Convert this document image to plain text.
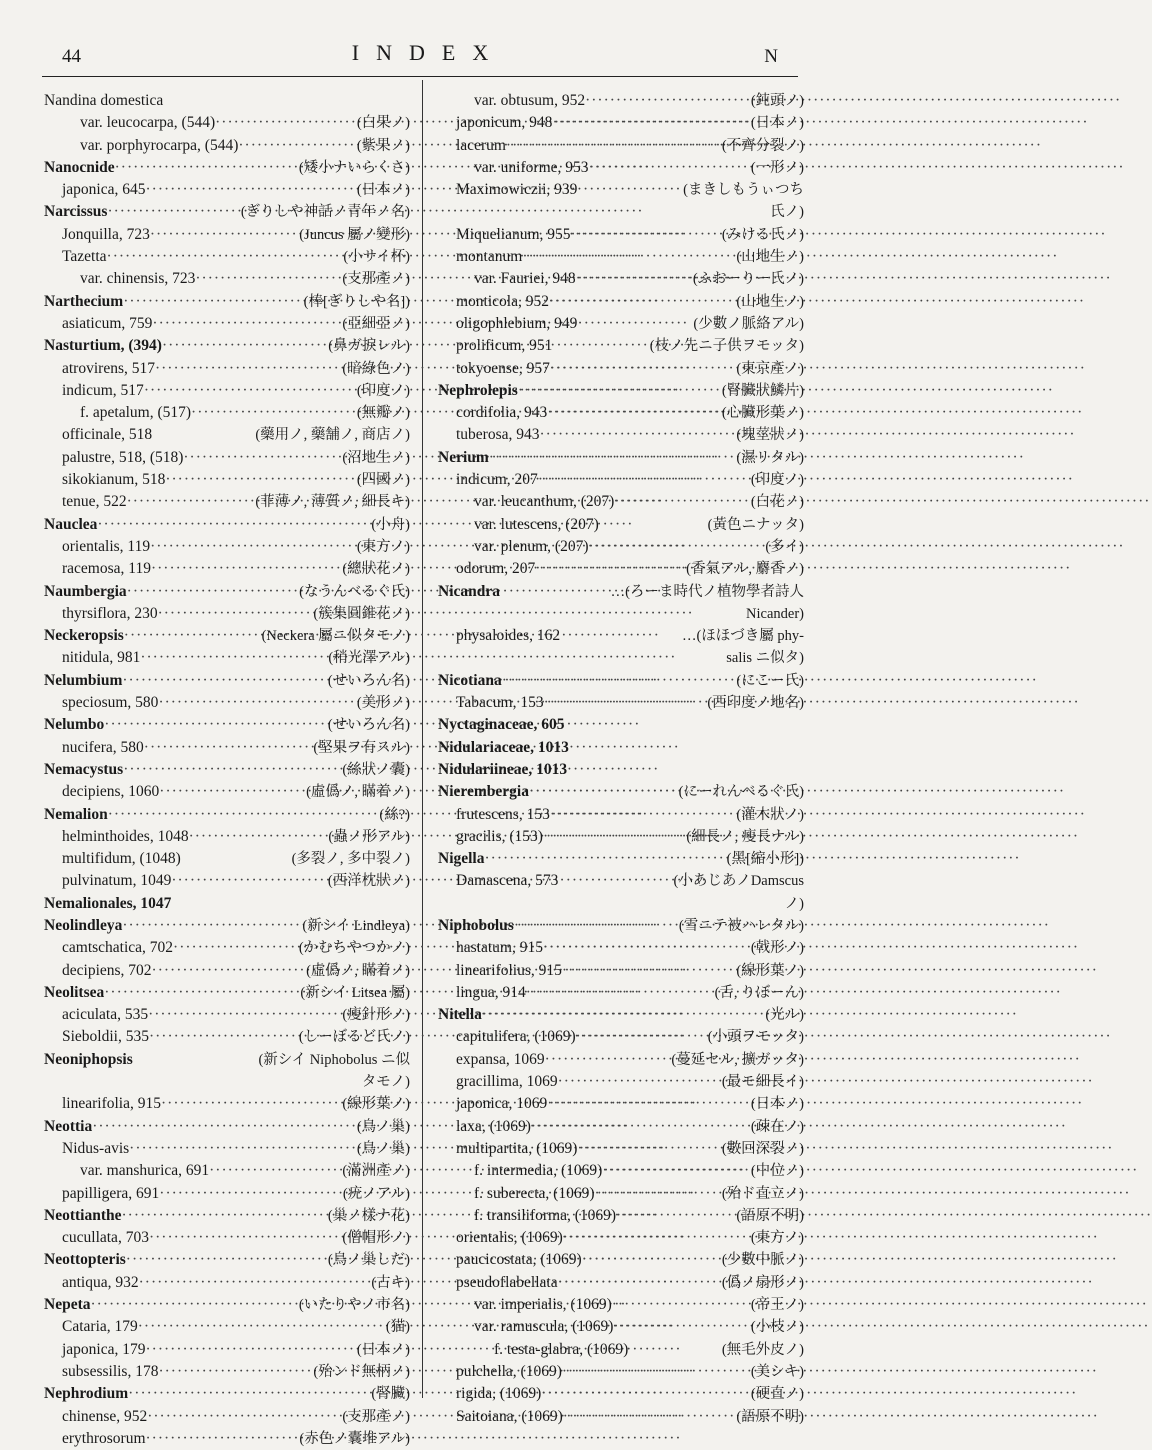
44	INDEX	N
Nandina domestica
var. leucocarpa, (544) ·····	(白果ノ)
var. porphyrocarpa, (544) ·····	(紫果ノ)
Nanocnide ·····	(矮小ナいらくさ)
japonica, 645 ·····	(日本ノ)
Narcissus ·····	(ぎりしや神話ノ青年ノ名)
Jonquilla, 723 ·····	(Juncus 屬ノ變形)
Tazetta ·····	(小サイ杯)
var. chinensis, 723 ·····	(支那產ノ)
Narthecium ·····	(棒[ぎりしや名])
asiaticum, 759 ·····	(亞細亞ノ)
Nasturtium, (394) ·····	(鼻ガ捩レル)
atrovirens, 517 ·····	(暗綠色ノ)
indicum, 517 ·····	(印度ノ)
f. apetalum, (517) ·····	(無瓣ノ)
officinale, 518	(藥用ノ, 藥舗ノ, 商店ノ)
palustre, 518, (518) ·····	(沼地生ノ)
sikokianum, 518 ·····	(四國ノ)
tenue, 522 ·····	(菲薄ノ, 薄質ノ, 細長キ)
Nauclea ·····	(小舟)
orientalis, 119 ·····	(東方ノ)
racemosa, 119 ·····	(總狀花ノ)
Naumbergia ·····	(なうんべるぐ氏)
thyrsiflora, 230 ·····	(簇集圓錐花ノ)
Neckeropsis ·····	(Neckera 屬ニ似タモノ)
nitidula, 981 ·····	(稍光澤アル)
Nelumbium ·····	(せいろん名)
speciosum, 580 ·····	(美形ノ)
Nelumbo ·····	(せいろん名)
nucifera, 580 ·····	(堅果ヲ有スル)
Nemacystus ·····	(絲狀ノ囊)
decipiens, 1060 ·····	(虛僞ノ, 瞞着ノ)
Nemalion ·····	(絲?)
helminthoides, 1048 ·····	(蟲ノ形アル)
multifidum, (1048)	(多裂ノ, 多中裂ノ)
pulvinatum, 1049 ·····	(西洋枕狀ノ)
Nemalionales, 1047
Neolindleya ·····	(新シイ Lindleya)
camtschatica, 702 ·····	(かむちやつかノ)
decipiens, 702 ·····	(虛僞ノ, 瞞着ノ)
Neolitsea ·····	(新シイ Litsea 屬)
aciculata, 535 ·····	(瘦針形ノ)
Sieboldii, 535 ·····	(しーぼるど氏ノ)
Neoniphopsis	(新シイ Niphobolus ニ似
タモノ)
linearifolia, 915 ·····	(線形葉ノ)
Neottia ·····	(鳥ノ巢)
Nidus-avis ·····	(鳥ノ巢)
var. manshurica, 691 ·····	(滿洲產ノ)
papilligera, 691 ·····	(疣ノアル)
Neottianthe ·····	(巢ノ樣ナ花)
cucullata, 703 ·····	(僧帽形ノ)
Neottopteris ·····	(鳥ノ巢しだ)
antiqua, 932 ·····	(古キ)
Nepeta ·····	(いたりやノ市名)
Cataria, 179 ·····	(猫)
japonica, 179 ·····	(日本ノ)
subsessilis, 178 ·····	(殆ンド無柄ノ)
Nephrodium ·····	(腎臟)
chinense, 952 ·····	(支那產ノ)
erythrosorum ·····	(赤色ノ囊堆アル)
var. obtusum, 952 ·····	(鈍頭ノ)
japonicum, 948 ·····	(日本ノ)
lacerum ·····	(不齊分裂ノ)
var. uniforme, 953 ·····	(一形ノ)
Maximowiczii, 939	(まきしもうぃつち
氏ノ)
Miquelianum, 955 ·····	(みける氏ノ)
montanum ·····	(山地生ノ)
var. Fauriei, 948 ·····	(ふおーりー氏ノ)
monticola, 952 ·····	(山地生ノ)
oligophlebium, 949	(少數ノ脈絡アル)
prolificum, 951	(枝ノ先ニ子供ヲモッタ)
tokyoense, 957 ·····	(東京產ノ)
Nephrolepis ·····	(腎臟狀鱗片)
cordifolia, 943 ·····	(心臟形葉ノ)
tuberosa, 943 ·····	(塊莖狀ノ)
Nerium ·····	(濕リタル)
indicum, 207 ·····	(印度ノ)
var. leucanthum, (207) ·····	(白花ノ)
var. lutescens, (207)	(黃色ニナッタ)
var. plenum, (207) ·····	(多イ)
odorum, 207 ·····	(香氣アル, 麝香ノ)
Nicandra	…(ろーま時代ノ植物學者詩人
Nicander)
physaloides, 162	…(ほほづき屬 phy-
salis ニ似タ)
Nicotiana ·····	(にこー氏)
Tabacum, 153 ·····	(西印度ノ地名)
Nyctaginaceae, 605
Nidulariaceae, 1013
Nidulariineae, 1013
Nierembergia ·····	(にーれんべるぐ氏)
frutescens, 153 ·····	(灌木狀ノ)
gracilis, (153) ·····	(細長ノ, 瘦長ナル)
Nigella ·····	(黑[縮小形])
Damascena, 573	(小あじあノDamscus
ノ)
Niphobolus ·····	(雪ニテ被ハレタル)
hastatum, 915 ·····	(戟形ノ)
linearifolius, 915 ·····	(線形葉ノ)
lingua, 914 ·····	(舌, りぼーん)
Nitella ·····	(光ル)
capitulifera, (1069) ·····	(小頭ヲモッタ)
expansa, 1069 ·····	(蔓延セル, 擴ガッタ)
gracillima, 1069 ·····	(最モ細長イ)
japonica, 1069 ·····	(日本ノ)
laxa, (1069) ·····	(疎在ノ)
multipartita, (1069) ·····	(數回深裂ノ)
f. intermedia, (1069) ·····	(中位ノ)
f. suberecta, (1069) ·····	(殆ド直立ノ)
f. transiliforma, (1069) ·····	(語原不明)
orientalis, (1069) ·····	(東方ノ)
paucicostata, (1069) ·····	(少數中脈ノ)
pseudoflabellata ·····	(僞ノ扇形ノ)
var. imperialis, (1069) ·····	(帝王ノ)
var. ramuscula, (1069) ·····	(小枝ノ)
f. testa-glabra, (1069)	(無毛外皮ノ)
pulchella, (1069) ·····	(美シキ)
rigida, (1069) ·····	(硬直ノ)
Saitoiana, (1069) ·····	(語原不明)
